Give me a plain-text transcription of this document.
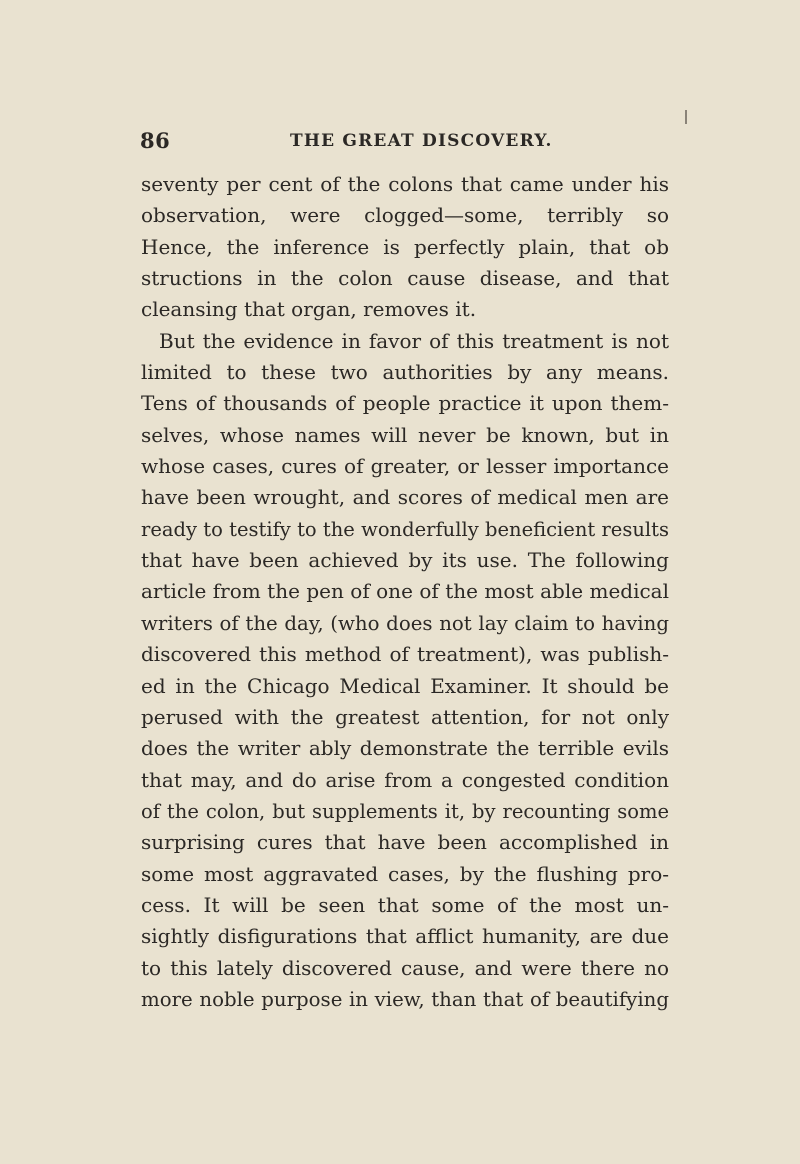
86	THE GREAT DISCOVERY.
seventy per cent of the colons that came under his
observation, were clogged—some, terribly so
Hence, the inference is perfectly plain, that ob
structions in the colon cause disease, and that
cleansing that organ, removes it.
But the evidence in favor of this treatment is not
limited to these two authorities by any means.
Tens of thousands of people practice it upon them-
selves, whose names will never be known, but in
whose cases, cures of greater, or lesser importance
have been wrought, and scores of medical men are
ready to testify to the wonderfully beneficient results
that have been achieved by its use. The following
article from the pen of one of the most able medical
writers of the day, (who does not lay claim to having
discovered this method of treatment), was publish-
ed in the Chicago Medical Examiner. It should be
perused with the greatest attention, for not only
does the writer ably demonstrate the terrible evils
that may, and do arise from a congested condition
of the colon, but supplements it, by recounting some
surprising cures that have been accomplished in
some most aggravated cases, by the flushing pro-
cess. It will be seen that some of the most un-
sightly disfigurations that afflict humanity, are due
to this lately discovered cause, and were there no
more noble purpose in view, than that of beautifying
